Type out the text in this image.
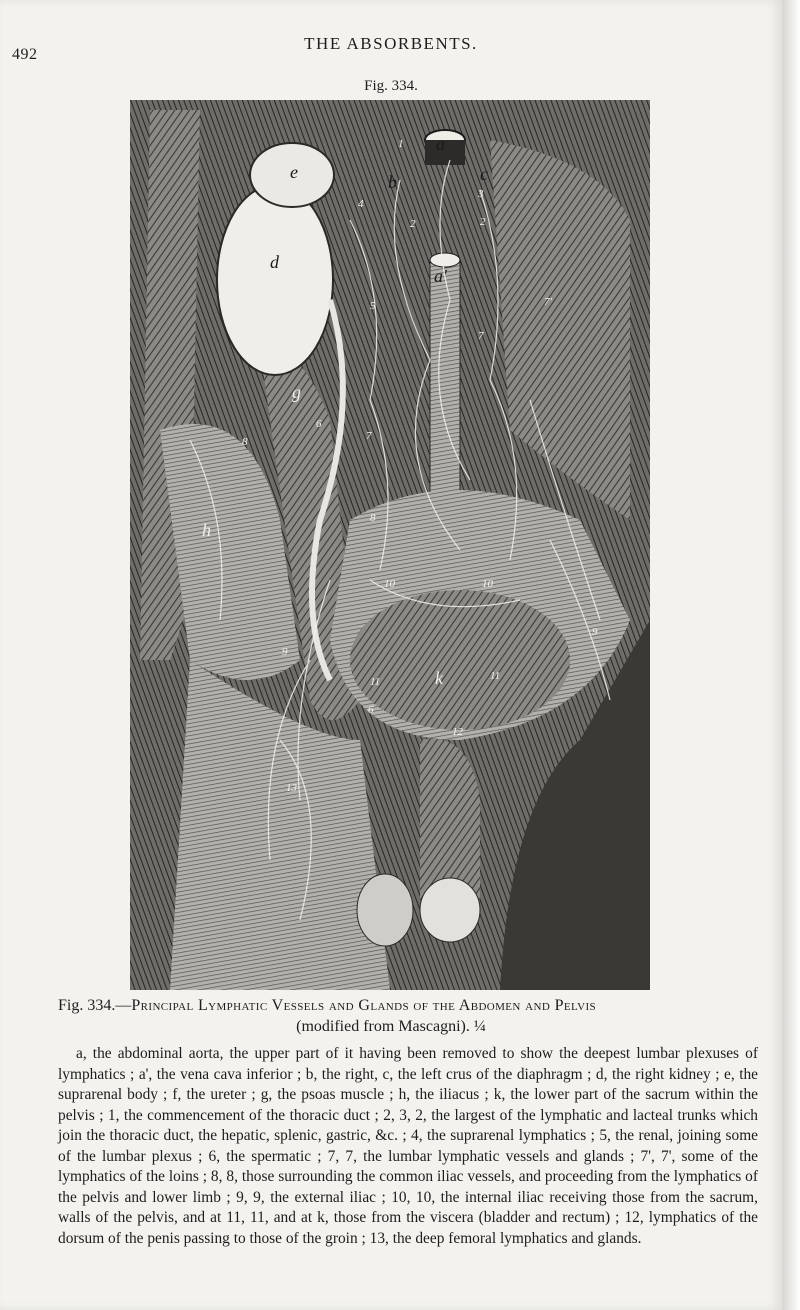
492
THE ABSORBENTS.
Fig. 334.
a
a'
b	c
d
e
g
h
k
1
2	2
3
4
5
6
6
7
7
7'
8
8
9
9
10	10
11	11
12
13
Fig. 334.—Principal Lymphatic Vessels and Glands of the Abdomen and Pelvis
(modified from Mascagni). ¼
a, the abdominal aorta, the upper part of it having been removed to show the deepest lumbar plexuses of lymphatics ; a', the vena cava inferior ; b, the right, c, the left crus of the diaphragm ; d, the right kidney ; e, the suprarenal body ; f, the ureter ; g, the psoas muscle ; h, the iliacus ; k, the lower part of the sacrum within the pelvis ; 1, the commencement of the thoracic duct ; 2, 3, 2, the largest of the lymphatic and lacteal trunks which join the thoracic duct, the hepatic, splenic, gastric, &c. ; 4, the suprarenal lymphatics ; 5, the renal, joining some of the lumbar plexus ; 6, the spermatic ; 7, 7, the lumbar lymphatic vessels and glands ; 7', 7', some of the lymphatics of the loins ; 8, 8, those surrounding the common iliac vessels, and proceeding from the lymphatics of the pelvis and lower limb ; 9, 9, the external iliac ; 10, 10, the internal iliac receiving those from the sacrum, walls of the pelvis, and at 11, 11, and at k, those from the viscera (bladder and rectum) ; 12, lymphatics of the dorsum of the penis passing to those of the groin ; 13, the deep femoral lymphatics and glands.
